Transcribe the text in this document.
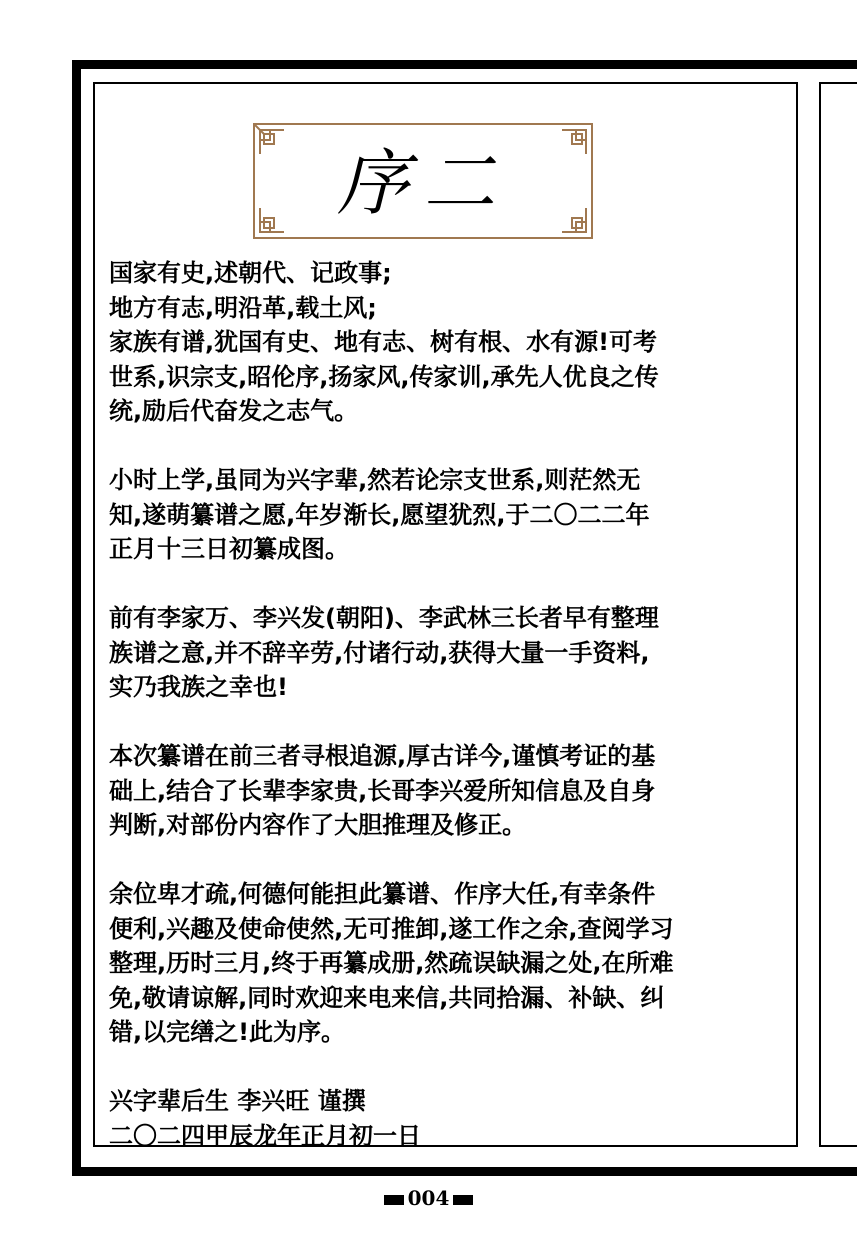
序二

国家有史,述朝代、记政事;
地方有志,明沿革,载土风;
家族有谱,犹国有史、地有志、树有根、水有源!可考
世系,识宗支,昭伦序,扬家风,传家训,承先人优良之传
统,励后代奋发之志气。

小时上学,虽同为兴字辈,然若论宗支世系,则茫然无
知,遂萌纂谱之愿,年岁渐长,愿望犹烈,于二〇二二年
正月十三日初纂成图。

前有李家万、李兴发(朝阳)、李武林三长者早有整理
族谱之意,并不辞辛劳,付诸行动,获得大量一手资料,
实乃我族之幸也!

本次纂谱在前三者寻根追源,厚古详今,谨慎考证的基
础上,结合了长辈李家贵,长哥李兴爱所知信息及自身
判断,对部份内容作了大胆推理及修正。

余位卑才疏,何德何能担此纂谱、作序大任,有幸条件
便利,兴趣及使命使然,无可推卸,遂工作之余,查阅学习
整理,历时三月,终于再纂成册,然疏误缺漏之处,在所难
免,敬请谅解,同时欢迎来电来信,共同拾漏、补缺、纠
错,以完缮之!此为序。

兴字辈后生 李兴旺 谨撰
二〇二四甲辰龙年正月初一日

004
